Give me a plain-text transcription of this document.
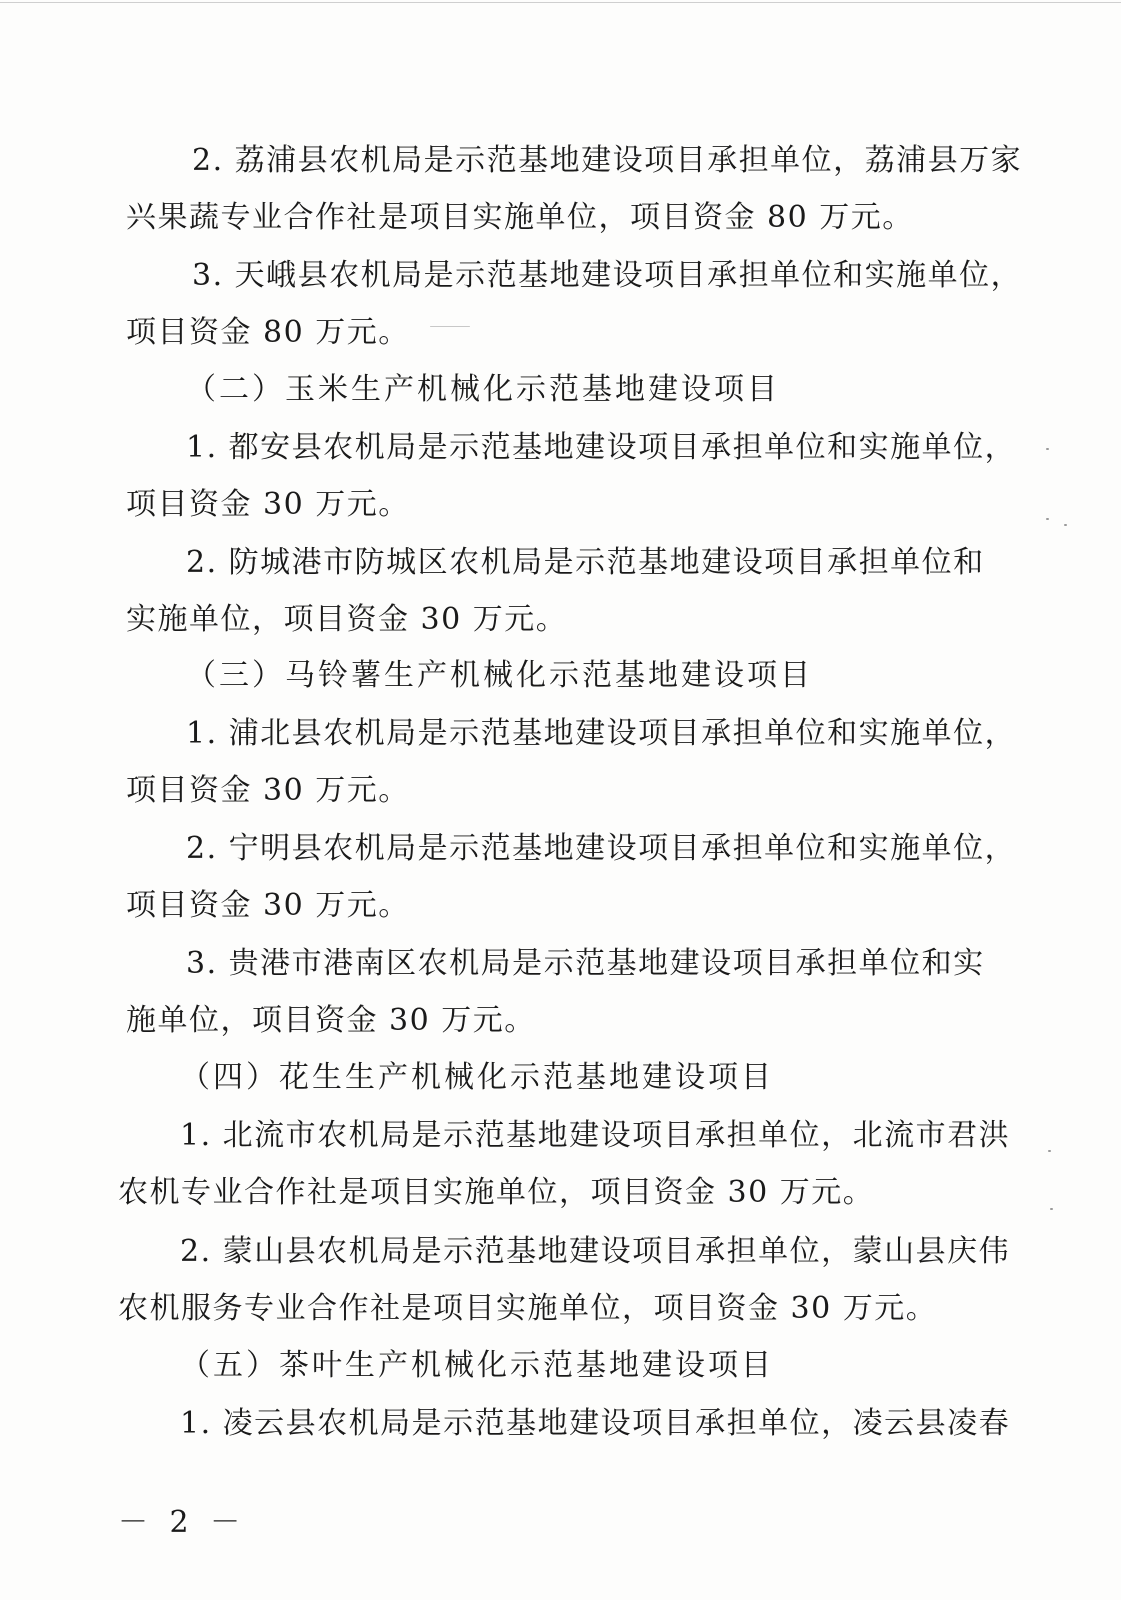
2. 荔浦县农机局是示范基地建设项目承担单位，荔浦县万家
兴果蔬专业合作社是项目实施单位，项目资金 80 万元。
3. 天峨县农机局是示范基地建设项目承担单位和实施单位，
项目资金 80 万元。
（二）玉米生产机械化示范基地建设项目
1. 都安县农机局是示范基地建设项目承担单位和实施单位，
项目资金 30 万元。
2. 防城港市防城区农机局是示范基地建设项目承担单位和
实施单位，项目资金 30 万元。
（三）马铃薯生产机械化示范基地建设项目
1. 浦北县农机局是示范基地建设项目承担单位和实施单位，
项目资金 30 万元。
2. 宁明县农机局是示范基地建设项目承担单位和实施单位，
项目资金 30 万元。
3. 贵港市港南区农机局是示范基地建设项目承担单位和实
施单位，项目资金 30 万元。
（四）花生生产机械化示范基地建设项目
1. 北流市农机局是示范基地建设项目承担单位，北流市君洪
农机专业合作社是项目实施单位，项目资金 30 万元。
2. 蒙山县农机局是示范基地建设项目承担单位，蒙山县庆伟
农机服务专业合作社是项目实施单位，项目资金 30 万元。
（五）茶叶生产机械化示范基地建设项目
1. 凌云县农机局是示范基地建设项目承担单位，凌云县凌春
－ 2 －
